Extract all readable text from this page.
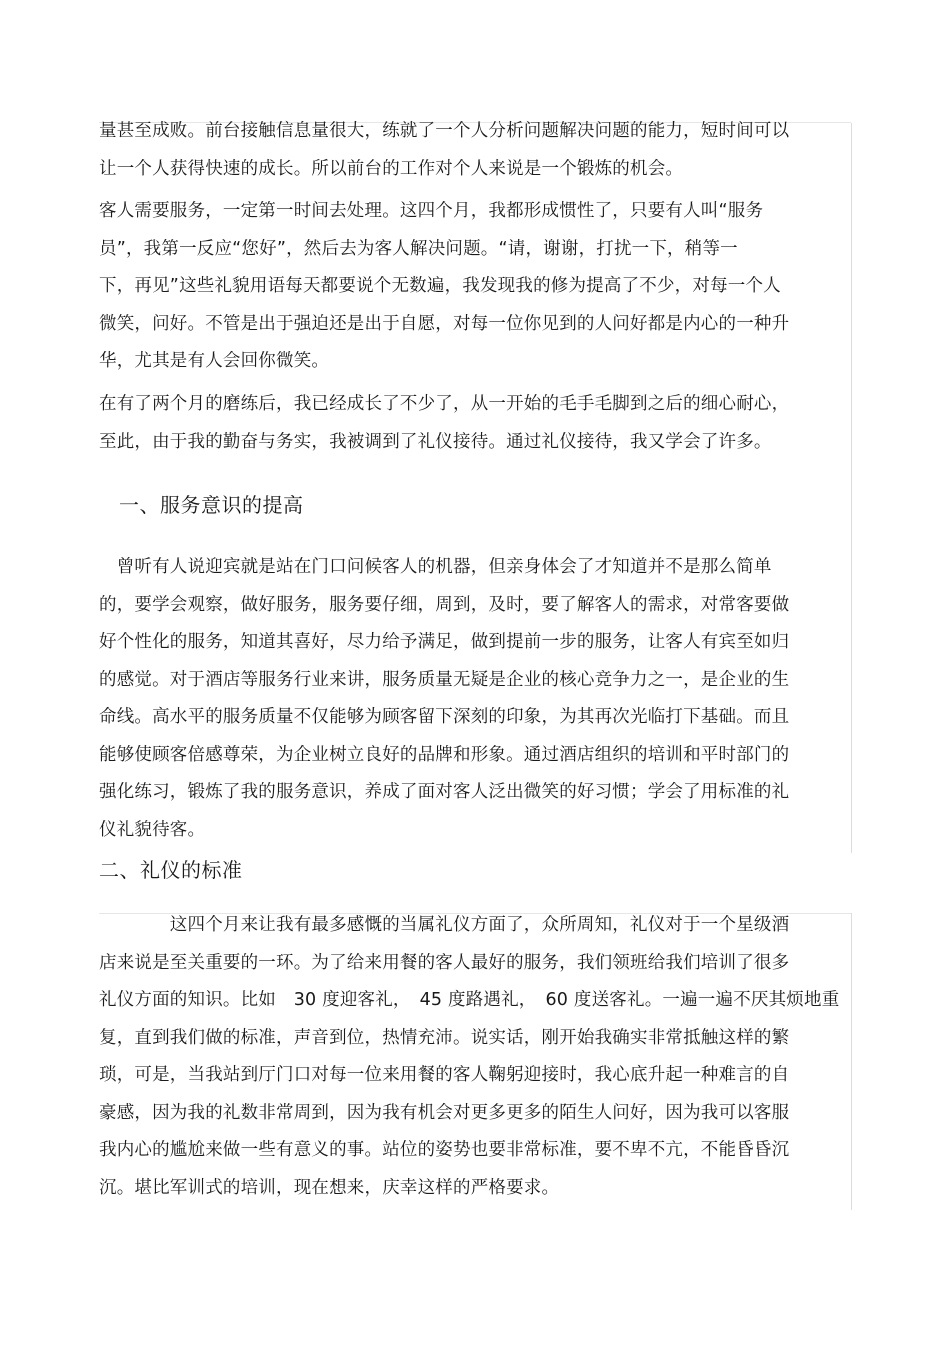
量甚至成败。前台接触信息量很大，练就了一个人分析问题解决问题的能力，短时间可以
让一个人获得快速的成长。所以前台的工作对个人来说是一个锻炼的机会。
客人需要服务，一定第一时间去处理。这四个月，我都形成惯性了，只要有人叫“服务
员”，我第一反应“您好”，然后去为客人解决问题。“请，谢谢，打扰一下，稍等一
下，再见”这些礼貌用语每天都要说个无数遍，我发现我的修为提高了不少，对每一个人
微笑，问好。不管是出于强迫还是出于自愿，对每一位你见到的人问好都是内心的一种升
华，尤其是有人会回你微笑。
在有了两个月的磨练后，我已经成长了不少了，从一开始的毛手毛脚到之后的细心耐心，
至此，由于我的勤奋与务实，我被调到了礼仪接待。通过礼仪接待，我又学会了许多。
一、服务意识的提高
　曾听有人说迎宾就是站在门口问候客人的机器，但亲身体会了才知道并不是那么简单
的，要学会观察，做好服务，服务要仔细，周到，及时，要了解客人的需求，对常客要做
好个性化的服务，知道其喜好，尽力给予满足，做到提前一步的服务，让客人有宾至如归
的感觉。对于酒店等服务行业来讲，服务质量无疑是企业的核心竞争力之一，是企业的生
命线。高水平的服务质量不仅能够为顾客留下深刻的印象，为其再次光临打下基础。而且
能够使顾客倍感尊荣，为企业树立良好的品牌和形象。通过酒店组织的培训和平时部门的
强化练习，锻炼了我的服务意识，养成了面对客人泛出微笑的好习惯；学会了用标准的礼
仪礼貌待客。
二、礼仪的标准
　　　　这四个月来让我有最多感慨的当属礼仪方面了，众所周知，礼仪对于一个星级酒
店来说是至关重要的一环。为了给来用餐的客人最好的服务，我们领班给我们培训了很多
礼仪方面的知识。比如　30 度迎客礼，　45 度路遇礼，　60 度送客礼。一遍一遍不厌其烦地重
复，直到我们做的标准，声音到位，热情充沛。说实话，刚开始我确实非常抵触这样的繁
琐，可是，当我站到厅门口对每一位来用餐的客人鞠躬迎接时，我心底升起一种难言的自
豪感，因为我的礼数非常周到，因为我有机会对更多更多的陌生人问好，因为我可以客服
我内心的尴尬来做一些有意义的事。站位的姿势也要非常标准，要不卑不亢，不能昏昏沉
沉。堪比军训式的培训，现在想来，庆幸这样的严格要求。
